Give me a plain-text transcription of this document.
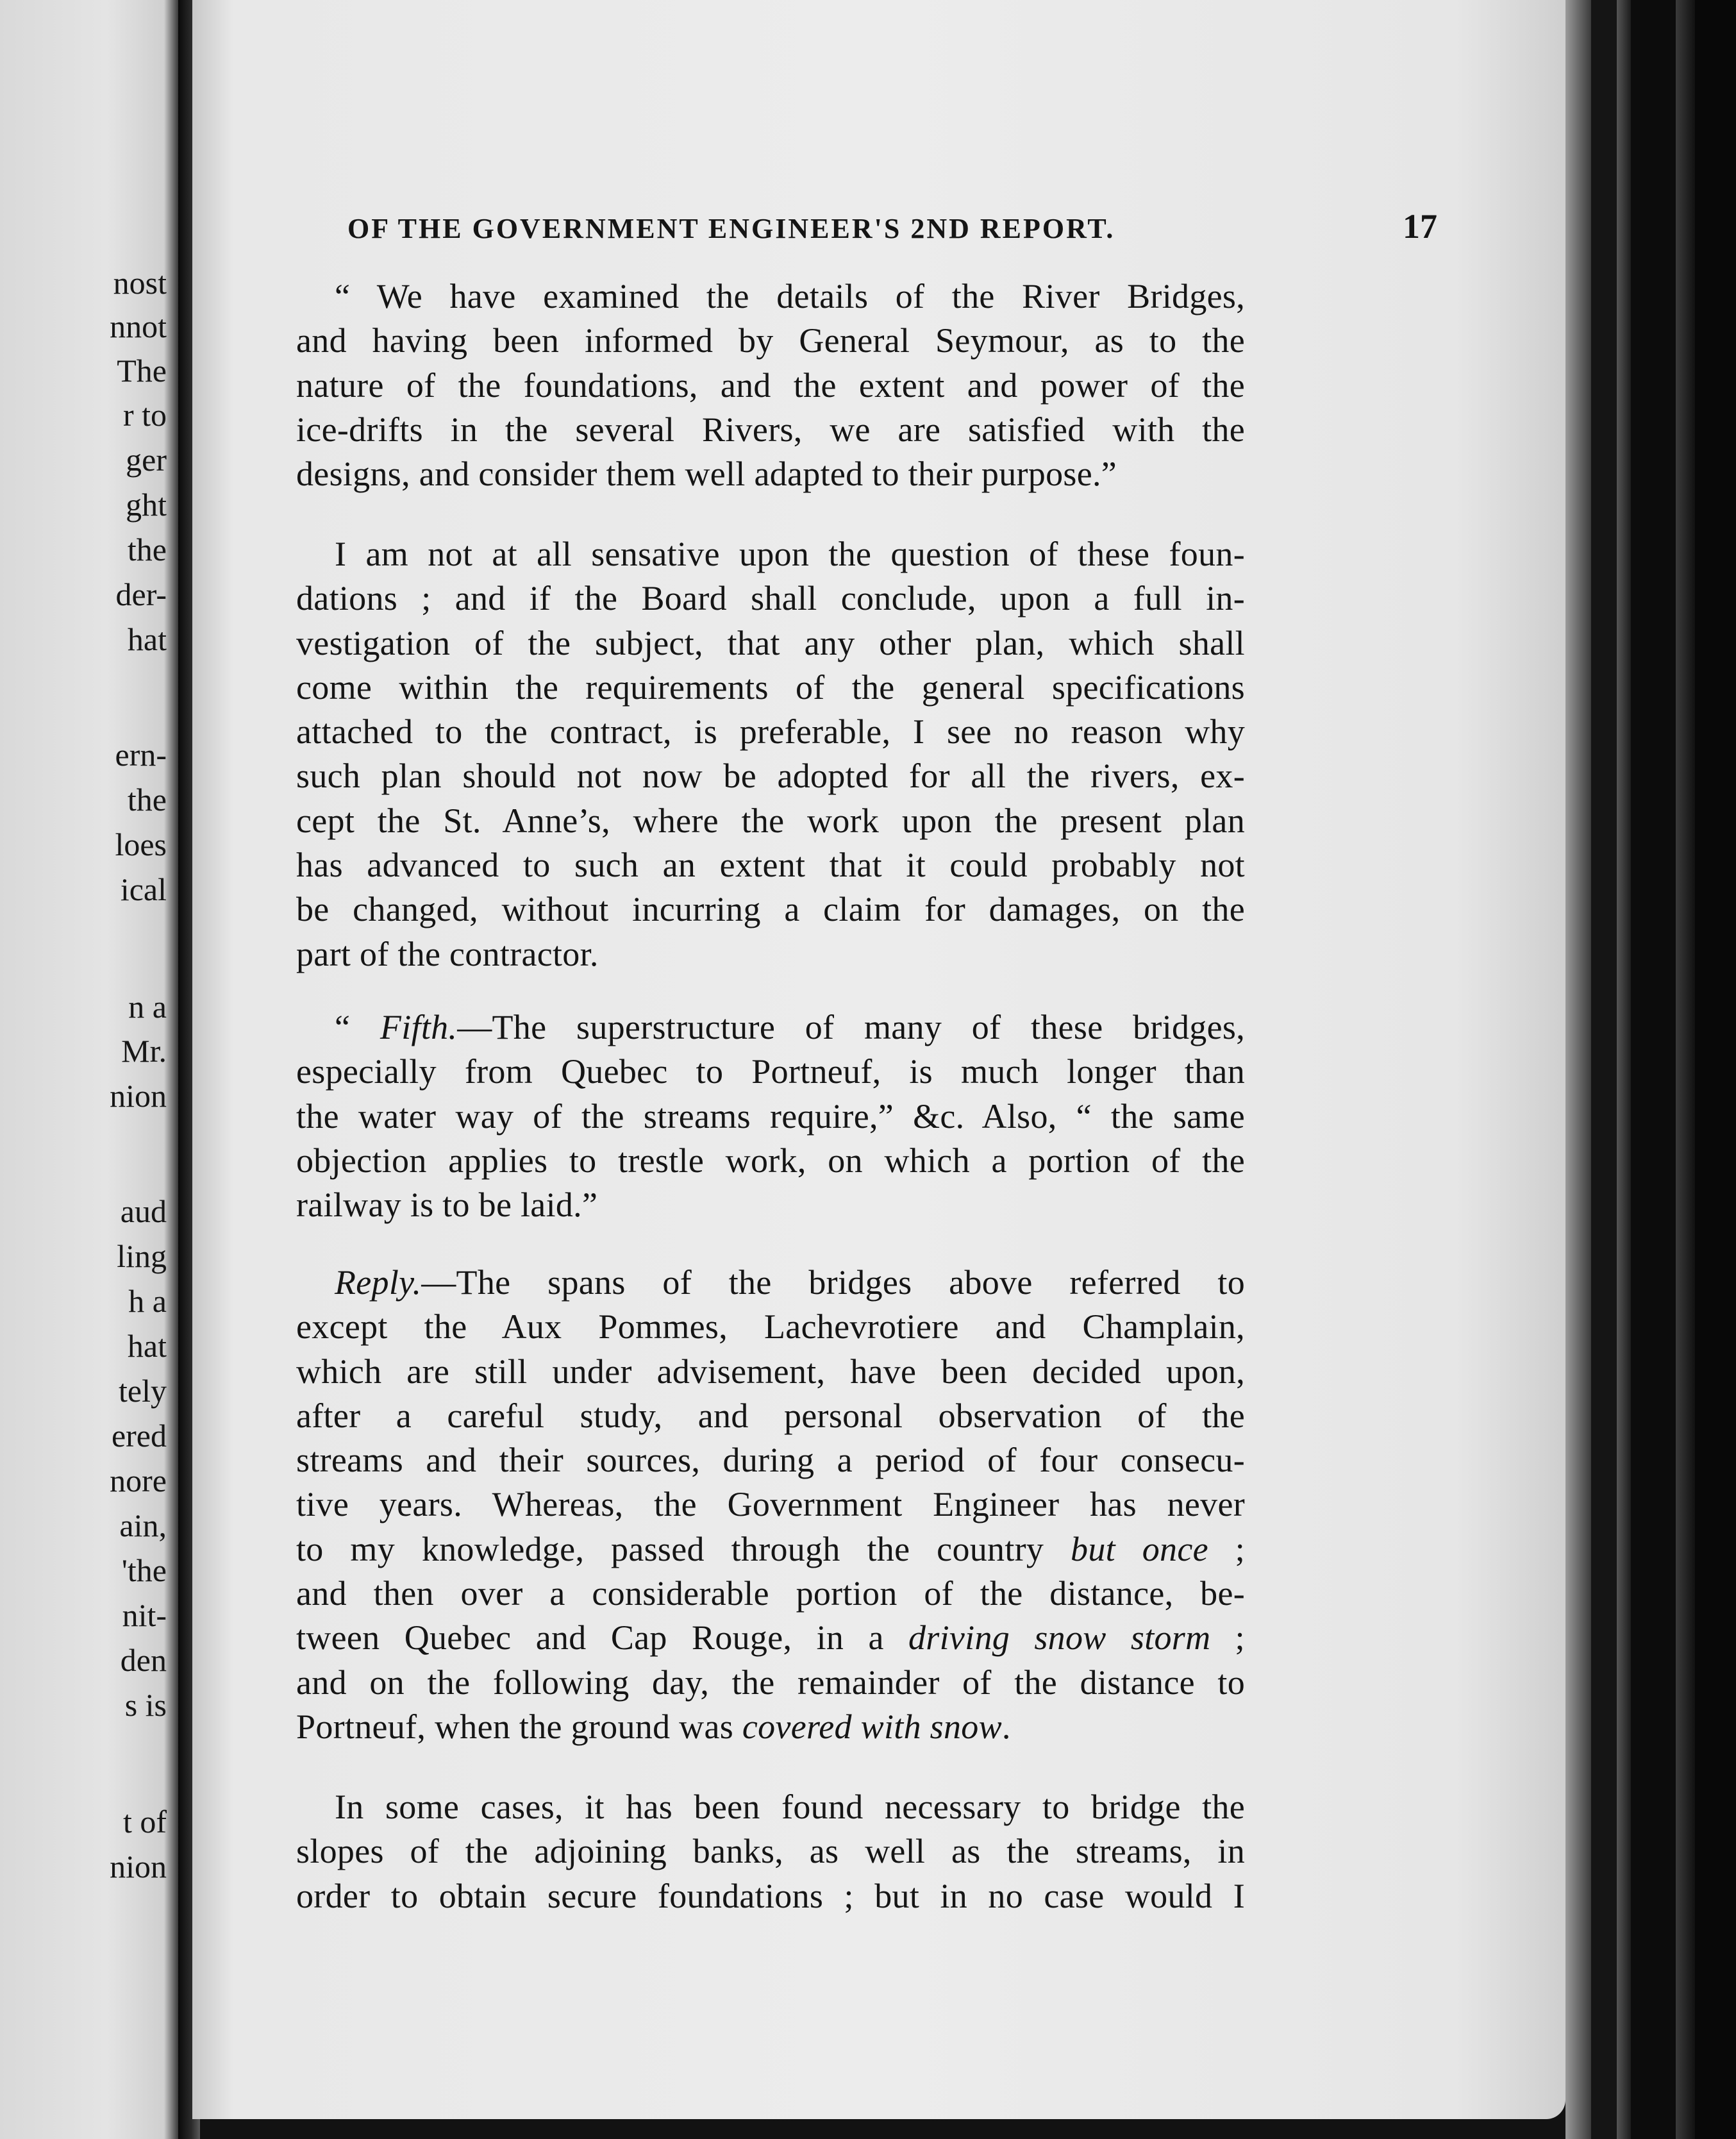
nost
nnot
The
r to
ger
ght
the
der-
hat
ern-
the
loes
ical
n a
Mr.
nion
aud
ling
h a
hat
tely
ered
nore
ain,
'the
nit-
den
s is
t of
nion
OF THE GOVERNMENT ENGINEER'S 2ND REPORT.	17
“ We have examined the details of the River Bridges,
and having been informed by General Seymour, as to the
nature of the foundations, and the extent and power of the
ice-drifts in the several Rivers, we are satisfied with the
designs, and consider them well adapted to their purpose.”
I am not at all sensative upon the question of these foun-
dations ; and if the Board shall conclude, upon a full in-
vestigation of the subject, that any other plan, which shall
come within the requirements of the general specifications
attached to the contract, is preferable, I see no reason why
such plan should not now be adopted for all the rivers, ex-
cept the St. Anne’s, where the work upon the present plan
has advanced to such an extent that it could probably not
be changed, without incurring a claim for damages, on the
part of the contractor.
“ Fifth.—The superstructure of many of these bridges,
especially from Quebec to Portneuf, is much longer than
the water way of the streams require,” &c. Also, “ the same
objection applies to trestle work, on which a portion of the
railway is to be laid.”
Reply.—The spans of the bridges above referred to
except the Aux Pommes, Lachevrotiere and Champlain,
which are still under advisement, have been decided upon,
after a careful study, and personal observation of the
streams and their sources, during a period of four consecu-
tive years. Whereas, the Government Engineer has never
to my knowledge, passed through the country but once ;
and then over a considerable portion of the distance, be-
tween Quebec and Cap Rouge, in a driving snow storm ;
and on the following day, the remainder of the distance to
Portneuf, when the ground was covered with snow.
In some cases, it has been found necessary to bridge the
slopes of the adjoining banks, as well as the streams, in
order to obtain secure foundations ; but in no case would I
